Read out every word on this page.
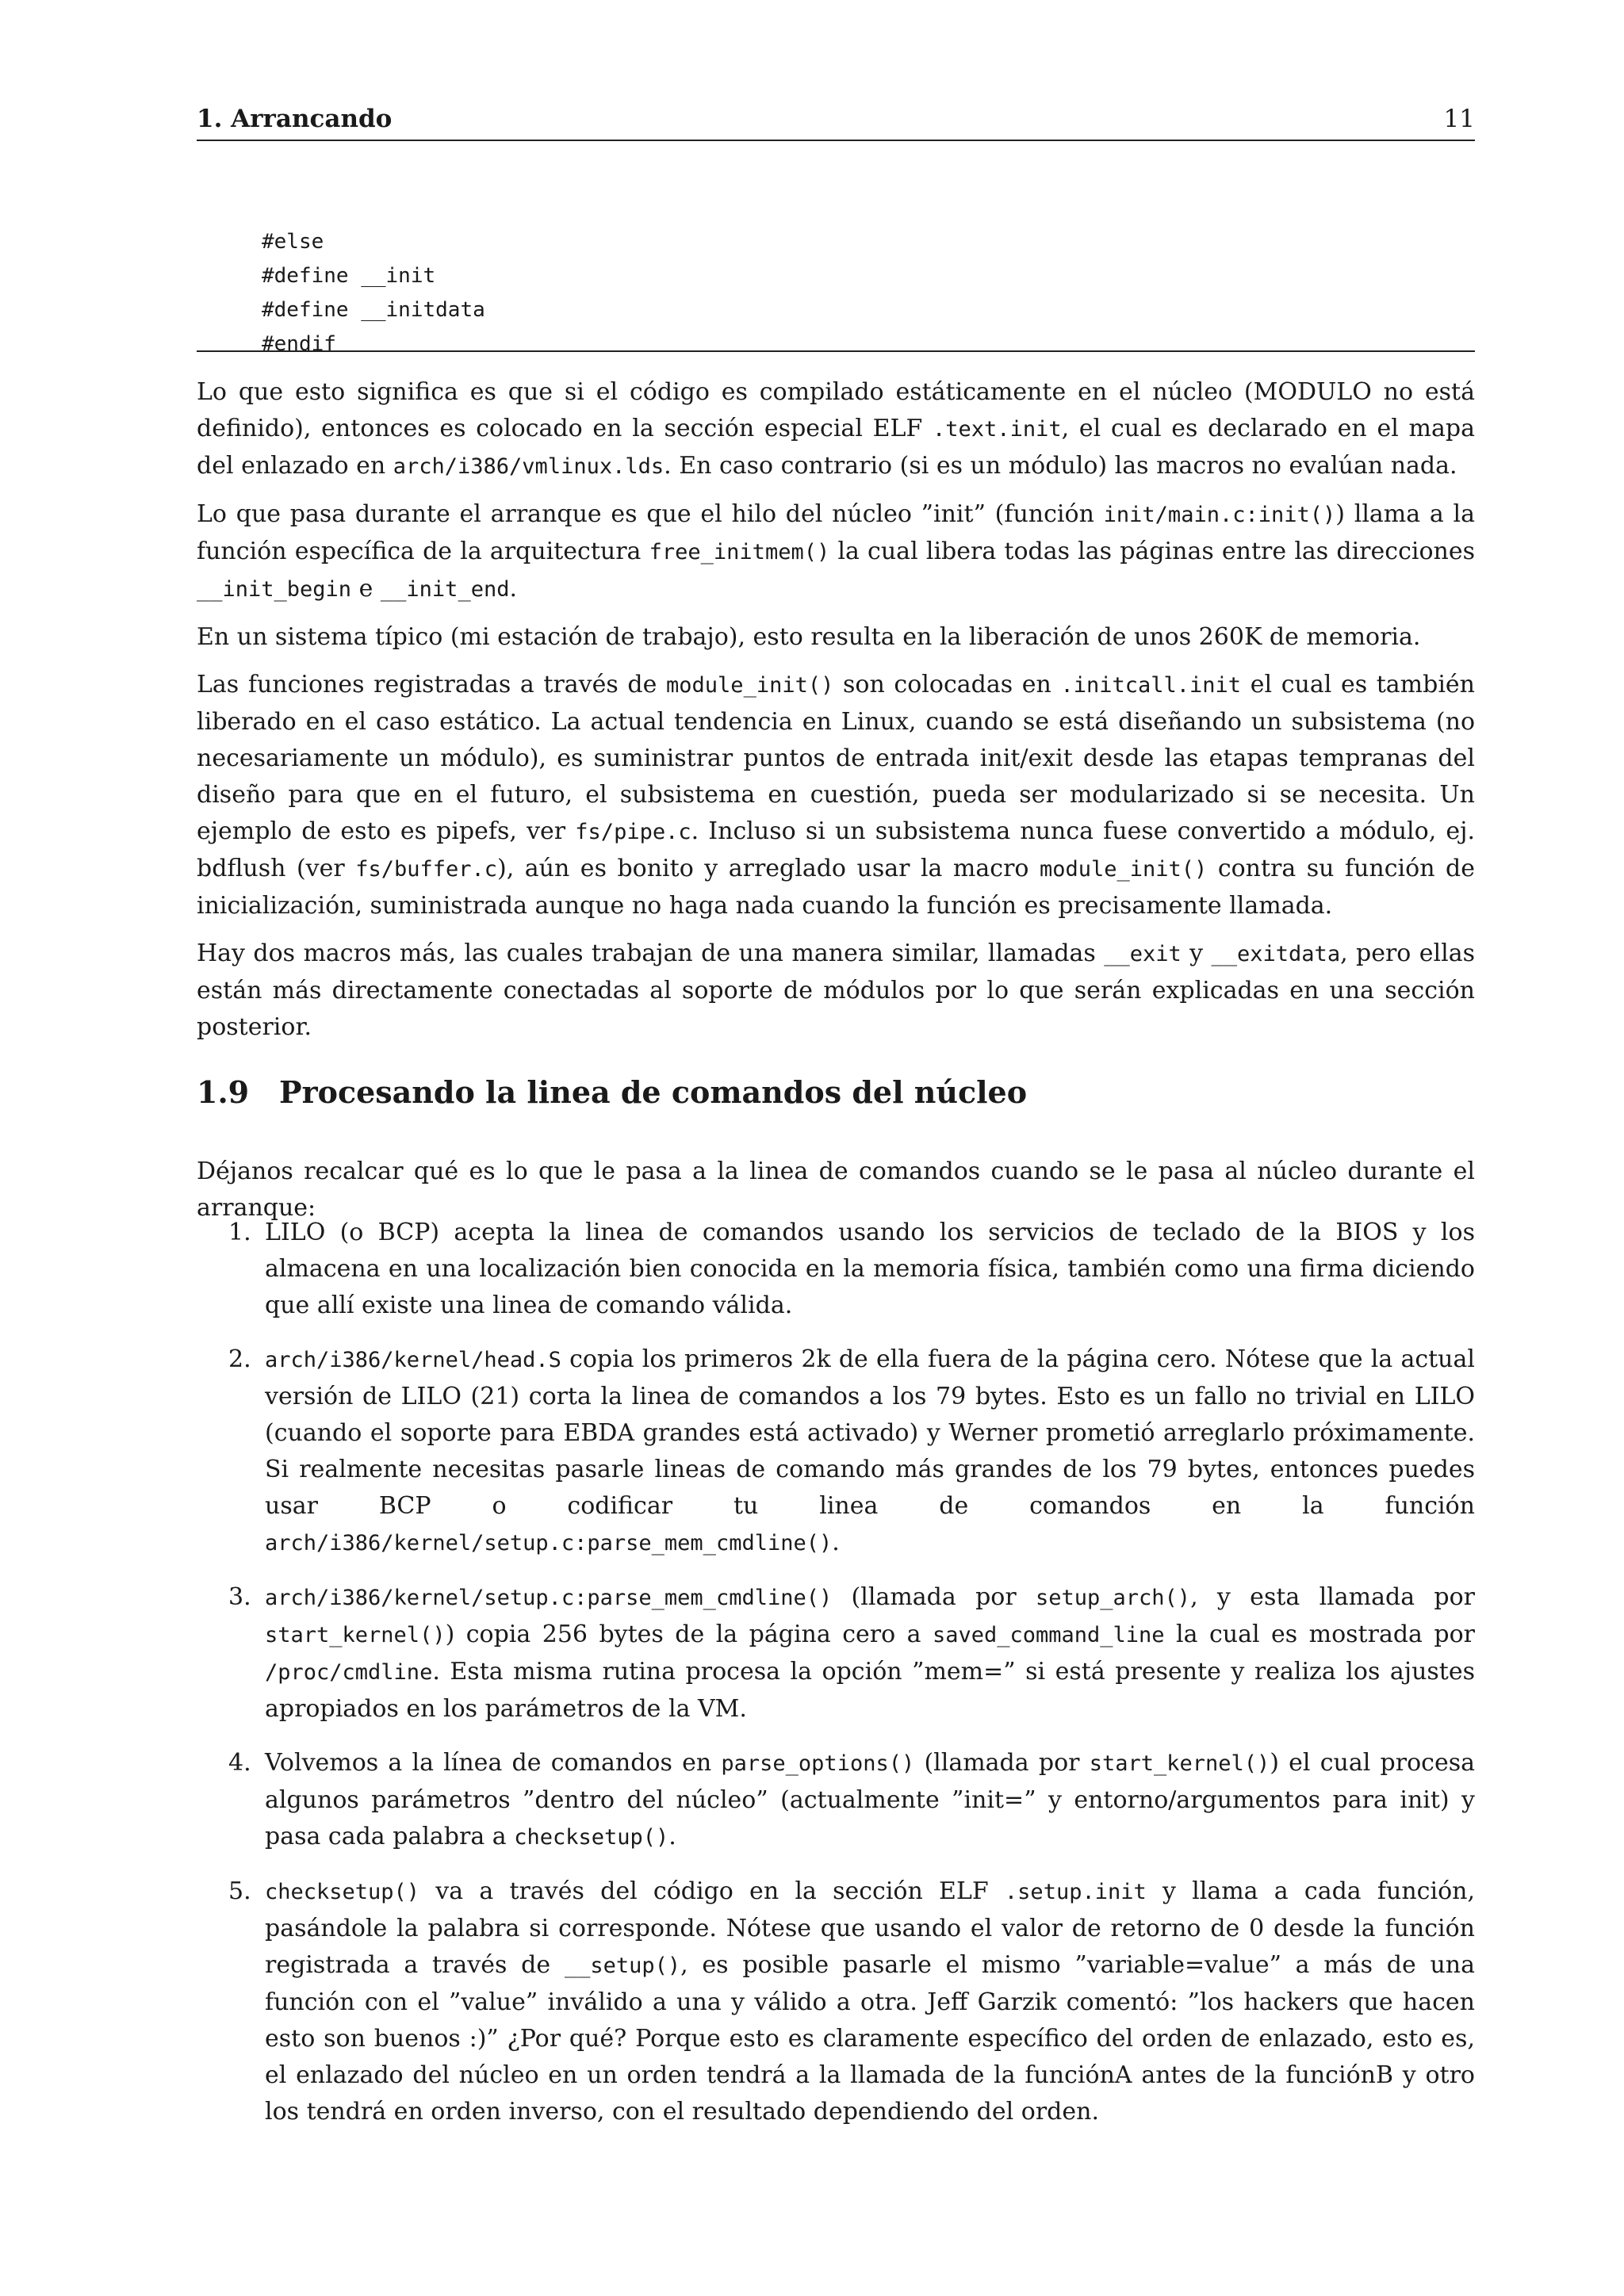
1. Arrancando	11
#else
#define __init
#define __initdata
#endif

Lo que esto significa es que si el código es compilado estáticamente en el núcleo (MODULO no está definido), entonces es colocado en la sección especial ELF .text.init, el cual es declarado en el mapa del enlazado en arch/i386/vmlinux.lds. En caso contrario (si es un módulo) las macros no evalúan nada.

Lo que pasa durante el arranque es que el hilo del núcleo ”init” (función init/main.c:init()) llama a la función específica de la arquitectura free_initmem() la cual libera todas las páginas entre las direcciones __init_begin e __init_end.

En un sistema típico (mi estación de trabajo), esto resulta en la liberación de unos 260K de memoria.

Las funciones registradas a través de module_init() son colocadas en .initcall.init el cual es también liberado en el caso estático. La actual tendencia en Linux, cuando se está diseñando un subsistema (no necesariamente un módulo), es suministrar puntos de entrada init/exit desde las etapas tempranas del diseño para que en el futuro, el subsistema en cuestión, pueda ser modularizado si se necesita. Un ejemplo de esto es pipefs, ver fs/pipe.c. Incluso si un subsistema nunca fuese convertido a módulo, ej. bdflush (ver fs/buffer.c), aún es bonito y arreglado usar la macro module_init() contra su función de inicialización, suministrada aunque no haga nada cuando la función es precisamente llamada.

Hay dos macros más, las cuales trabajan de una manera similar, llamadas __exit y __exitdata, pero ellas están más directamente conectadas al soporte de módulos por lo que serán explicadas en una sección posterior.

1.9 Procesando la linea de comandos del núcleo

Déjanos recalcar qué es lo que le pasa a la linea de comandos cuando se le pasa al núcleo durante el arranque:

1. LILO (o BCP) acepta la linea de comandos usando los servicios de teclado de la BIOS y los almacena en una localización bien conocida en la memoria física, también como una firma diciendo que allí existe una linea de comando válida.
2. arch/i386/kernel/head.S copia los primeros 2k de ella fuera de la página cero. Nótese que la actual versión de LILO (21) corta la linea de comandos a los 79 bytes. Esto es un fallo no trivial en LILO (cuando el soporte para EBDA grandes está activado) y Werner prometió arreglarlo próximamente. Si realmente necesitas pasarle lineas de comando más grandes de los 79 bytes, entonces puedes usar BCP o codificar tu linea de comandos en la función arch/i386/kernel/setup.c:parse_mem_cmdline().
3. arch/i386/kernel/setup.c:parse_mem_cmdline() (llamada por setup_arch(), y esta llamada por start_kernel()) copia 256 bytes de la página cero a saved_command_line la cual es mostrada por /proc/cmdline. Esta misma rutina procesa la opción ”mem=” si está presente y realiza los ajustes apropiados en los parámetros de la VM.
4. Volvemos a la línea de comandos en parse_options() (llamada por start_kernel()) el cual procesa algunos parámetros ”dentro del núcleo” (actualmente ”init=” y entorno/argumentos para init) y pasa cada palabra a checksetup().
5. checksetup() va a través del código en la sección ELF .setup.init y llama a cada función, pasándole la palabra si corresponde. Nótese que usando el valor de retorno de 0 desde la función registrada a través de __setup(), es posible pasarle el mismo ”variable=value” a más de una función con el ”value” inválido a una y válido a otra. Jeff Garzik comentó: ”los hackers que hacen esto son buenos :)” ¿Por qué? Porque esto es claramente específico del orden de enlazado, esto es, el enlazado del núcleo en un orden tendrá a la llamada de la funciónA antes de la funciónB y otro los tendrá en orden inverso, con el resultado dependiendo del orden.
